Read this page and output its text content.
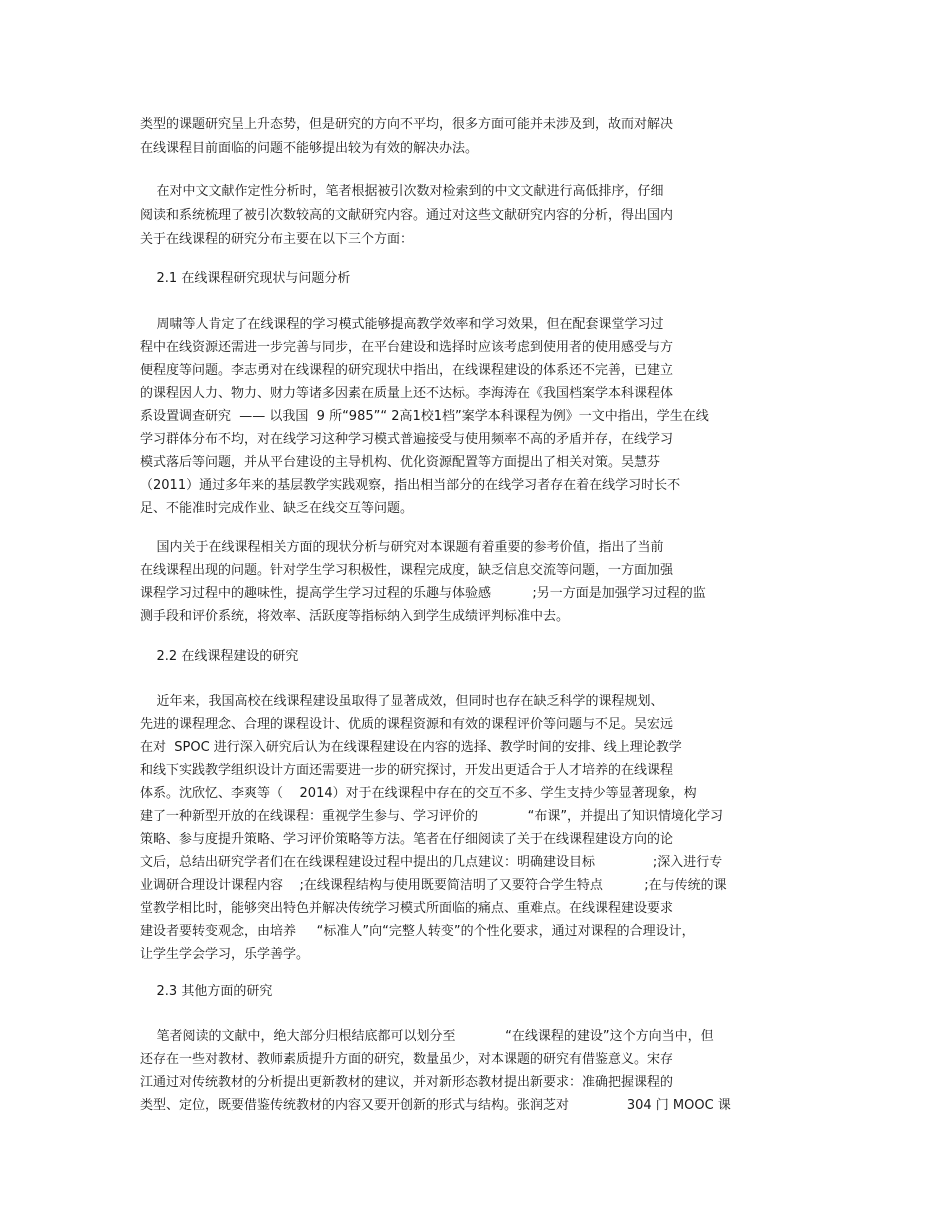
类型的课题研究呈上升态势，但是研究的方向不平均，很多方面可能并未涉及到，故而对解决
在线课程目前面临的问题不能够提出较为有效的解决办法。
在对中文文献作定性分析时，笔者根据被引次数对检索到的中文文献进行高低排序，仔细
阅读和系统梳理了被引次数较高的文献研究内容。通过对这些文献研究内容的分析，得出国内
关于在线课程的研究分布主要在以下三个方面：
2.1 在线课程研究现状与问题分析
周啸等人肯定了在线课程的学习模式能够提高教学效率和学习效果，但在配套课堂学习过
程中在线资源还需进一步完善与同步，在平台建设和选择时应该考虑到使用者的使用感受与方
便程度等问题。李志勇对在线课程的研究现状中指出，在线课程建设的体系还不完善，已建立
的课程因人力、物力、财力等诸多因素在质量上还不达标。李海涛在《我国档案学本科课程体
系设置调查研究  —— 以我国  9 所“985”“ 2高1校1档”案学本科课程为例》一文中指出，学生在线
学习群体分布不均，对在线学习这种学习模式普遍接受与使用频率不高的矛盾并存，在线学习
模式落后等问题，并从平台建设的主导机构、优化资源配置等方面提出了相关对策。吴慧芬
（2011）通过多年来的基层教学实践观察，指出相当部分的在线学习者存在着在线学习时长不
足、不能准时完成作业、缺乏在线交互等问题。
国内关于在线课程相关方面的现状分析与研究对本课题有着重要的参考价值，指出了当前
在线课程出现的问题。针对学生学习积极性，课程完成度，缺乏信息交流等问题，一方面加强
课程学习过程中的趣味性，提高学生学习过程的乐趣与体验感          ;另一方面是加强学习过程的监
测手段和评价系统，将效率、活跃度等指标纳入到学生成绩评判标准中去。
2.2 在线课程建设的研究
近年来，我国高校在线课程建设虽取得了显著成效，但同时也存在缺乏科学的课程规划、
先进的课程理念、合理的课程设计、优质的课程资源和有效的课程评价等问题与不足。吴宏远
在对  SPOC 进行深入研究后认为在线课程建设在内容的选择、教学时间的安排、线上理论教学
和线下实践教学组织设计方面还需要进一步的研究探讨，开发出更适合于人才培养的在线课程
体系。沈欣忆、李爽等（    2014）对于在线课程中存在的交互不多、学生支持少等显著现象，构
建了一种新型开放的在线课程：重视学生参与、学习评价的            “布课”，并提出了知识情境化学习
策略、参与度提升策略、学习评价策略等方法。笔者在仔细阅读了关于在线课程建设方向的论
文后，总结出研究学者们在在线课程建设过程中提出的几点建议：明确建设目标              ;深入进行专
业调研合理设计课程内容    ;在线课程结构与使用既要简洁明了又要符合学生特点          ;在与传统的课
堂教学相比时，能够突出特色并解决传统学习模式所面临的痛点、重难点。在线课程建设要求
建设者要转变观念，由培养     “标准人”向“完整人转变”的个性化要求，通过对课程的合理设计，
让学生学会学习，乐学善学。
2.3 其他方面的研究
笔者阅读的文献中，绝大部分归根结底都可以划分至            “在线课程的建设”这个方向当中，但
还存在一些对教材、教师素质提升方面的研究，数量虽少，对本课题的研究有借鉴意义。宋存
江通过对传统教材的分析提出更新教材的建议，并对新形态教材提出新要求：准确把握课程的
类型、定位，既要借鉴传统教材的内容又要开创新的形式与结构。张润芝对              304 门 MOOC 课
